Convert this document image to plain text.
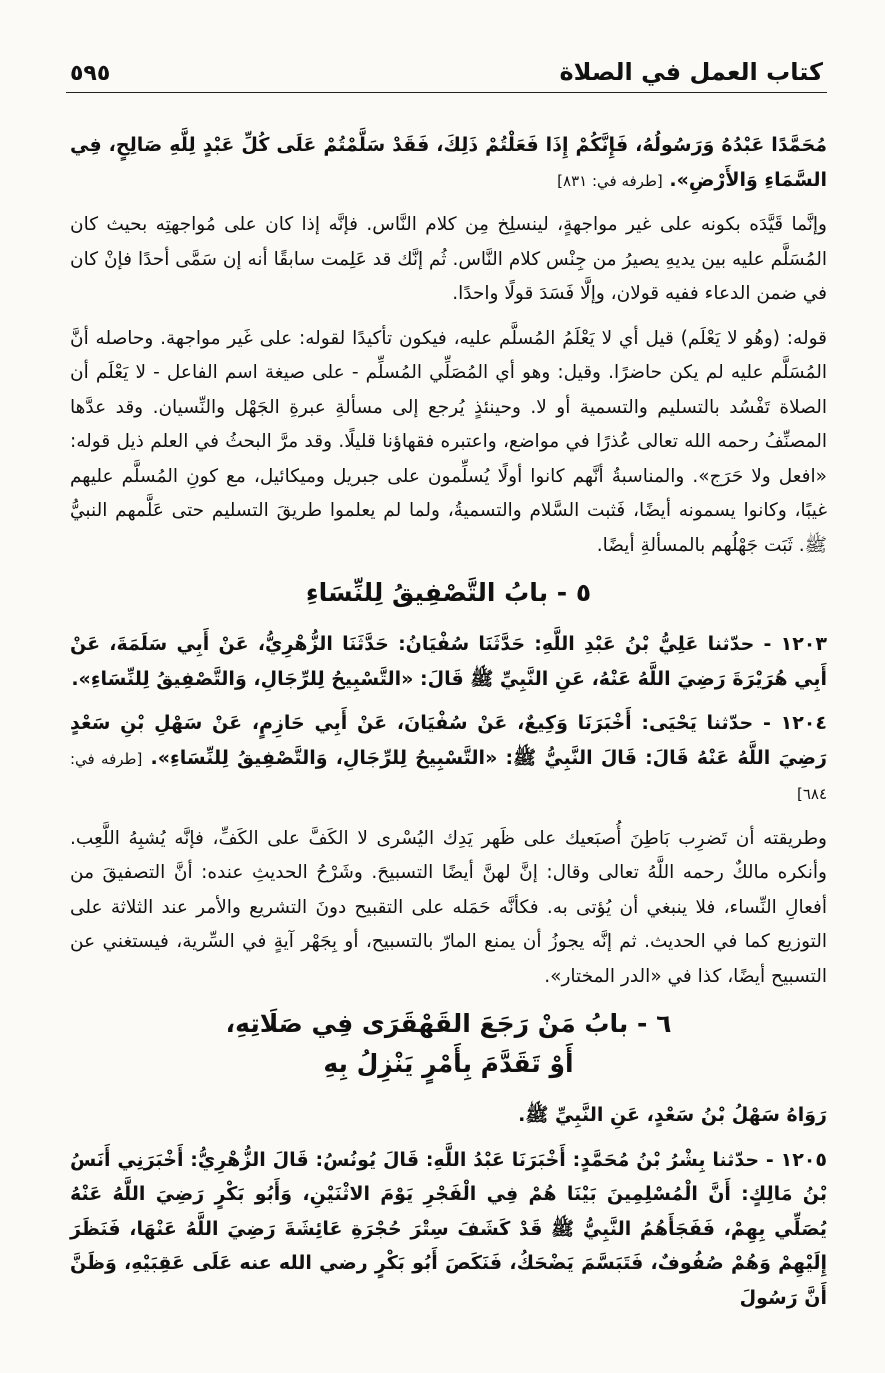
كتاب العمل في الصلاة
٥٩٥

مُحَمَّدًا عَبْدُهُ وَرَسُولُهُ، فَإِنَّكُمْ إِذَا فَعَلْتُمْ ذَلِكَ، فَقَدْ سَلَّمْتُمْ عَلَى كُلِّ عَبْدٍ لِلَّهِ صَالِحٍ، فِي السَّمَاءِ وَالأَرْضِ». [طرفه في: ٨٣١]

وإنَّما قَيَّدَه بكونه على غير مواجهةٍ، لينسلِخ مِن كلام النَّاس. فإنَّه إذا كان على مُواجهتِه بحيث كان المُسَلَّم عليه بين يديهِ يصيرُ من جِنْس كلام النَّاس. ثُم إنَّك قد عَلِمت سابقًا أنه إن سَمَّى أحدًا فإنْ كان في ضمن الدعاء ففيه قولان، وإلَّا فَسَدَ قولًا واحدًا.

قوله: (وهُو لا يَعْلَم) قيل أي لا يَعْلَمُ المُسلَّم عليه، فيكون تأكيدًا لقوله: على غَير مواجهة. وحاصله أنَّ المُسَلَّم عليه لم يكن حاضرًا. وقيل: وهو أي المُصَلِّي المُسلِّم - على صيغة اسم الفاعل - لا يَعْلَم أن الصلاة تَفْسُد بالتسليم والتسمية أو لا. وحينئذٍ يُرجع إلى مسألةِ عبرةِ الجَهْل والنِّسيان. وقد عدَّها المصنِّفُ رحمه الله تعالى عُذرًا في مواضع، واعتبره فقهاؤنا قليلًا. وقد مرَّ البحثُ في العلم ذيل قوله: «افعل ولا حَرَج». والمناسبةُ أنَّهم كانوا أولًا يُسلِّمون على جبريل وميكائيل، مع كونِ المُسلَّم عليهم غيبًا، وكانوا يسمونه أيضًا، فَثبت السَّلام والتسميةُ، ولما لم يعلموا طريقَ التسليم حتى عَلَّمهم النبيُّ ﷺ. ثَبَت جَهْلُهم بالمسألةِ أيضًا.

٥ - بابُ التَّصْفِيقُ لِلنِّسَاءِ

١٢٠٣ - حدّثنا عَلِيُّ بْنُ عَبْدِ اللَّهِ: حَدَّثَنَا سُفْيَانُ: حَدَّثَنَا الزُّهْرِيُّ، عَنْ أَبِي سَلَمَةَ، عَنْ أَبِي هُرَيْرَةَ رَضِيَ اللَّهُ عَنْهُ، عَنِ النَّبِيِّ ﷺ قَالَ: «التَّسْبِيحُ لِلرِّجَالِ، وَالتَّصْفِيقُ لِلنِّسَاءِ».

١٢٠٤ - حدّثنا يَحْيَى: أَخْبَرَنَا وَكِيعٌ، عَنْ سُفْيَانَ، عَنْ أَبِي حَازِمٍ، عَنْ سَهْلِ بْنِ سَعْدٍ رَضِيَ اللَّهُ عَنْهُ قَالَ: قَالَ النَّبِيُّ ﷺ: «التَّسْبِيحُ لِلرِّجَالِ، وَالتَّصْفِيقُ لِلنِّسَاءِ». [طرفه في: ٦٨٤]

وطريقته أن تَضرِب بَاطِنَ أُصبَعيك على ظَهر يَدِك اليُسْرى لا الكَفَّ على الكَفِّ، فإنَّه يُشبِهُ اللَّعِب. وأنكره مالكٌ رحمه اللَّهُ تعالى وقال: إنَّ لهنَّ أيضًا التسبيحَ. وشَرْحُ الحديثِ عنده: أنَّ التصفيقَ من أفعالِ النِّساء، فلا ينبغي أن يُؤتى به. فكأنَّه حَمَله على التقبيح دونَ التشريع والأمر عند الثلاثة على التوزيع كما في الحديث. ثم إنَّه يجوزُ أن يمنع المارّ بالتسبيح، أو بِجَهْر آيةٍ في السِّرية، فيستغني عن التسبيح أيضًا، كذا في «الدر المختار».

٦ - بابُ مَنْ رَجَعَ القَهْقَرَى فِي صَلَاتِهِ،
أَوْ تَقَدَّمَ بِأَمْرٍ يَنْزِلُ بِهِ

رَوَاهُ سَهْلُ بْنُ سَعْدٍ، عَنِ النَّبِيِّ ﷺ.

١٢٠٥ - حدّثنا بِشْرُ بْنُ مُحَمَّدٍ: أَخْبَرَنَا عَبْدُ اللَّهِ: قَالَ يُونُسُ: قَالَ الزُّهْرِيُّ: أَخْبَرَنِي أَنَسُ بْنُ مَالِكٍ: أَنَّ الْمُسْلِمِينَ بَيْنَا هُمْ فِي الْفَجْرِ يَوْمَ الاثْنَيْنِ، وَأَبُو بَكْرٍ رَضِيَ اللَّهُ عَنْهُ يُصَلِّي بِهِمْ، فَفَجَأَهُمُ النَّبِيُّ ﷺ قَدْ كَشَفَ سِتْرَ حُجْرَةِ عَائِشَةَ رَضِيَ اللَّهُ عَنْهَا، فَنَظَرَ إِلَيْهِمْ وَهُمْ صُفُوفٌ، فَتَبَسَّمَ يَضْحَكُ، فَنَكَصَ أَبُو بَكْرٍ رضي الله عنه عَلَى عَقِبَيْهِ، وَظَنَّ أَنَّ رَسُولَ
